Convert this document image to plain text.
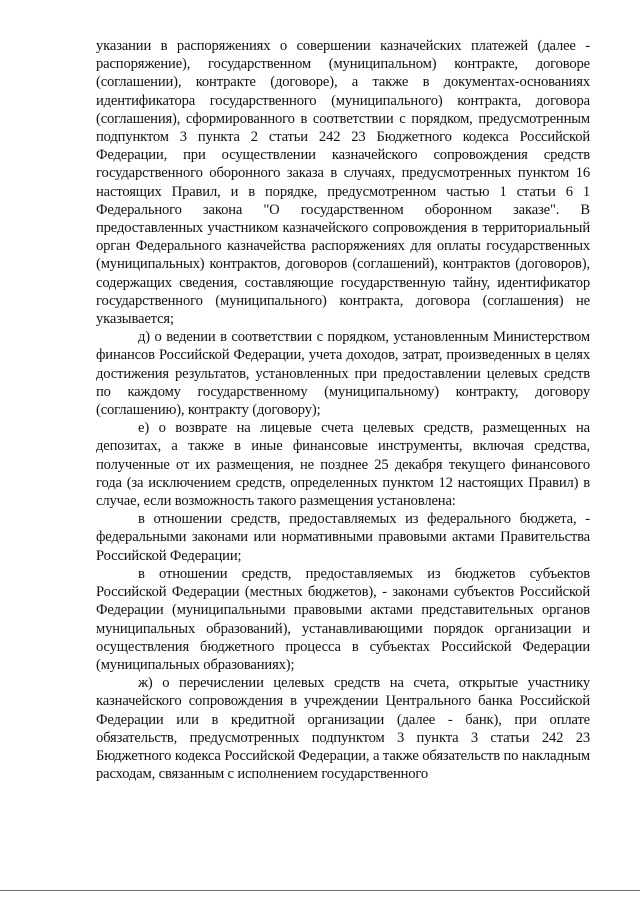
указании в распоряжениях о совершении казначейских платежей (далее - распоряжение), государственном (муниципальном) контракте, договоре (соглашении), контракте (договоре), а также в документах-основаниях идентификатора государственного (муниципального) контракта, договора (соглашения), сформированного в соответствии с порядком, предусмотренным подпунктом 3 пункта 2 статьи 242 23 Бюджетного кодекса Российской Федерации, при осуществлении казначейского сопровождения средств государственного оборонного заказа в случаях, предусмотренных пунктом 16 настоящих Правил, и в порядке, предусмотренном частью 1 статьи 6 1 Федерального закона "О государственном оборонном заказе". В предоставленных участником казначейского сопровождения в территориальный орган Федерального казначейства распоряжениях для оплаты государственных (муниципальных) контрактов, договоров (соглашений), контрактов (договоров), содержащих сведения, составляющие государственную тайну, идентификатор государственного (муниципального) контракта, договора (соглашения) не указывается;

д) о ведении в соответствии с порядком, установленным Министерством финансов Российской Федерации, учета доходов, затрат, произведенных в целях достижения результатов, установленных при предоставлении целевых средств по каждому государственному (муниципальному) контракту, договору (соглашению), контракту (договору);

е) о возврате на лицевые счета целевых средств, размещенных на депозитах, а также в иные финансовые инструменты, включая средства, полученные от их размещения, не позднее 25 декабря текущего финансового года (за исключением средств, определенных пунктом 12 настоящих Правил) в случае, если возможность такого размещения установлена:

в отношении средств, предоставляемых из федерального бюджета, - федеральными законами или нормативными правовыми актами Правительства Российской Федерации;

в отношении средств, предоставляемых из бюджетов субъектов Российской Федерации (местных бюджетов), - законами субъектов Российской Федерации (муниципальными правовыми актами представительных органов муниципальных образований), устанавливающими порядок организации и осуществления бюджетного процесса в субъектах Российской Федерации (муниципальных образованиях);

ж) о перечислении целевых средств на счета, открытые участнику казначейского сопровождения в учреждении Центрального банка Российской Федерации или в кредитной организации (далее - банк), при оплате обязательств, предусмотренных подпунктом 3 пункта 3 статьи 242 23 Бюджетного кодекса Российской Федерации, а также обязательств по накладным расходам, связанным с исполнением государственного
